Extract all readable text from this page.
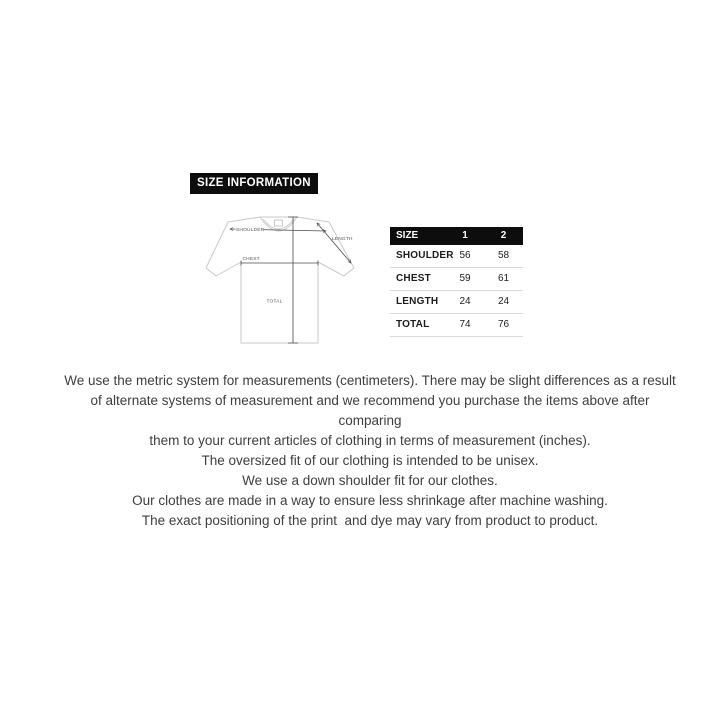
SIZE INFORMATION
SHOULDER
LENGTH
CHEST
TOTAL
SIZE	1	2
SHOULDER 56	58
CHEST	59	61
LENGTH	24	24
TOTAL	74	76
We use the metric system for measurements (centimeters). There may be slight differences as a result
of alternate systems of measurement and we recommend you purchase the items above after
comparing
them to your current articles of clothing in terms of measurement (inches).
The oversized fit of our clothing is intended to be unisex.
We use a down shoulder fit for our clothes.
Our clothes are made in a way to ensure less shrinkage after machine washing.
The exact positioning of the print  and dye may vary from product to product.
